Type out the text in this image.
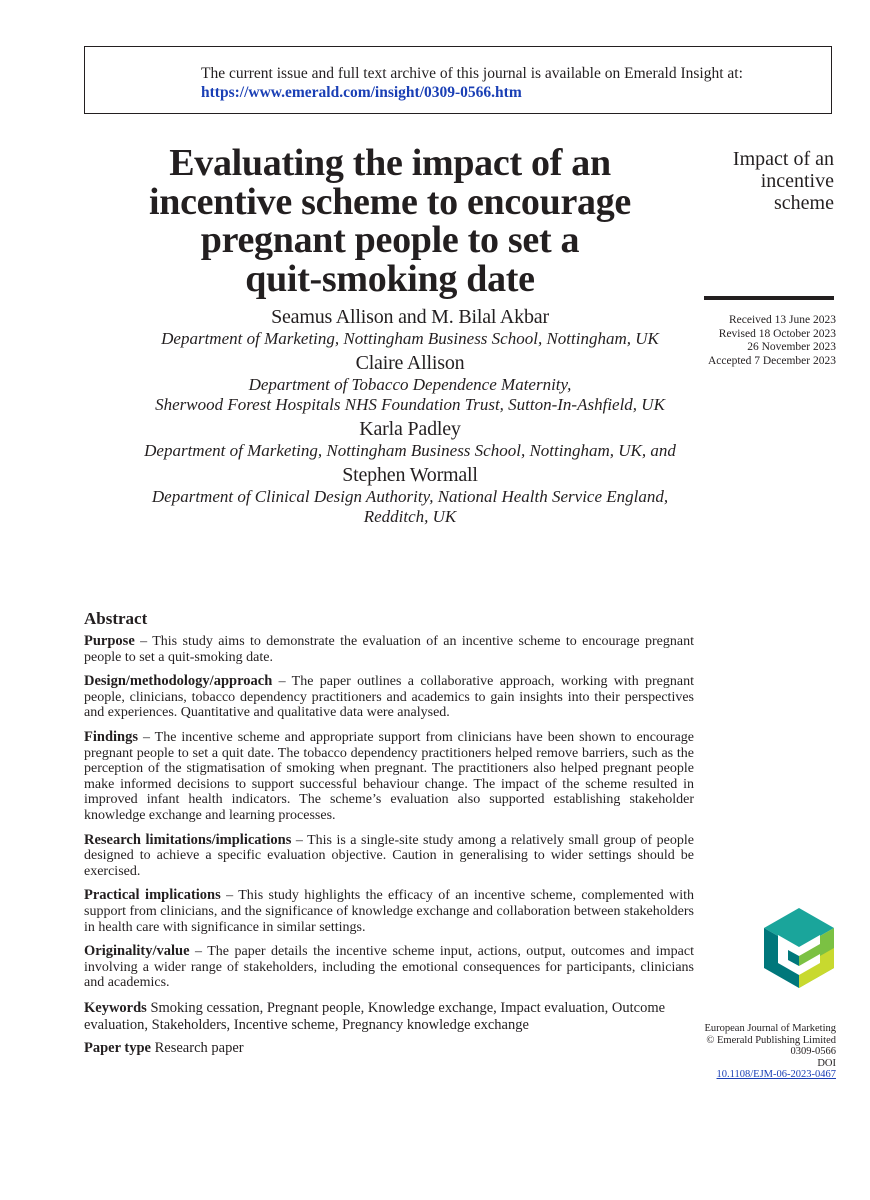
The current issue and full text archive of this journal is available on Emerald Insight at:
https://www.emerald.com/insight/0309-0566.htm
Evaluating the impact of an
incentive scheme to encourage
pregnant people to set a
quit-smoking date
Impact of an
incentive
scheme
Received 13 June 2023
Revised 18 October 2023
26 November 2023
Accepted 7 December 2023
Seamus Allison and M. Bilal Akbar
Department of Marketing, Nottingham Business School, Nottingham, UK
Claire Allison
Department of Tobacco Dependence Maternity,
Sherwood Forest Hospitals NHS Foundation Trust, Sutton-In-Ashfield, UK
Karla Padley
Department of Marketing, Nottingham Business School, Nottingham, UK, and
Stephen Wormall
Department of Clinical Design Authority, National Health Service England,
Redditch, UK
Abstract
Purpose – This study aims to demonstrate the evaluation of an incentive scheme to encourage pregnant people to set a quit-smoking date.
Design/methodology/approach – The paper outlines a collaborative approach, working with pregnant people, clinicians, tobacco dependency practitioners and academics to gain insights into their perspectives and experiences. Quantitative and qualitative data were analysed.
Findings – The incentive scheme and appropriate support from clinicians have been shown to encourage pregnant people to set a quit date. The tobacco dependency practitioners helped remove barriers, such as the perception of the stigmatisation of smoking when pregnant. The practitioners also helped pregnant people make informed decisions to support successful behaviour change. The impact of the scheme resulted in improved infant health indicators. The scheme’s evaluation also supported establishing stakeholder knowledge exchange and learning processes.
Research limitations/implications – This is a single-site study among a relatively small group of people designed to achieve a specific evaluation objective. Caution in generalising to wider settings should be exercised.
Practical implications – This study highlights the efficacy of an incentive scheme, complemented with support from clinicians, and the significance of knowledge exchange and collaboration between stakeholders in health care with significance in similar settings.
Originality/value – The paper details the incentive scheme input, actions, output, outcomes and impact involving a wider range of stakeholders, including the emotional consequences for participants, clinicians and academics.
Keywords Smoking cessation, Pregnant people, Knowledge exchange, Impact evaluation, Outcome evaluation, Stakeholders, Incentive scheme, Pregnancy knowledge exchange
Paper type Research paper
European Journal of Marketing
© Emerald Publishing Limited
0309-0566
DOI
10.1108/EJM-06-2023-0467
